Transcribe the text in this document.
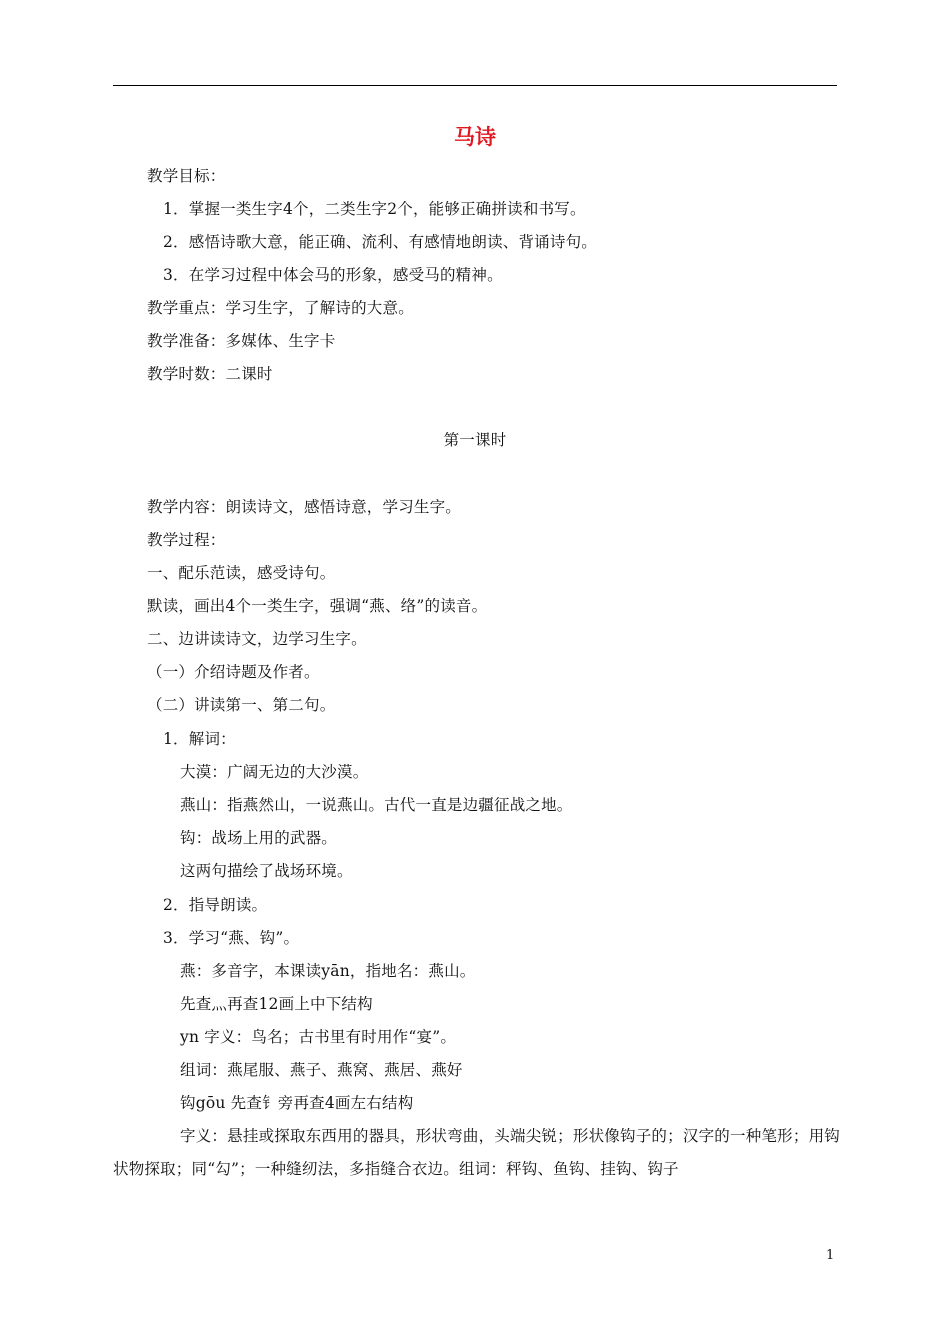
马诗
教学目标：
1．掌握一类生字4个，二类生字2个，能够正确拼读和书写。
2．感悟诗歌大意，能正确、流利、有感情地朗读、背诵诗句。
3．在学习过程中体会马的形象，感受马的精神。
教学重点：学习生字，了解诗的大意。
教学准备：多媒体、生字卡
教学时数：二课时
第一课时
教学内容：朗读诗文，感悟诗意，学习生字。
教学过程：
一、配乐范读，感受诗句。
默读，画出4个一类生字，强调“燕、络”的读音。
二、边讲读诗文，边学习生字。
（一）介绍诗题及作者。
（二）讲读第一、第二句。
1．解词：
大漠：广阔无边的大沙漠。
燕山：指燕然山，一说燕山。古代一直是边疆征战之地。
钩：战场上用的武器。
这两句描绘了战场环境。
2．指导朗读。
3．学习“燕、钩”。
燕：多音字，本课读yān，指地名：燕山。
先查灬再查12画上中下结构
yn 字义：鸟名；古书里有时用作“宴”。
组词：燕尾服、燕子、燕窝、燕居、燕好
钩gōu 先查钅旁再查4画左右结构
字义：悬挂或探取东西用的器具，形状弯曲，头端尖锐；形状像钩子的；汉字的一种笔形；用钩状物探取；同“勾”；一种缝纫法，多指缝合衣边。组词：秤钩、鱼钩、挂钩、钩子
1
